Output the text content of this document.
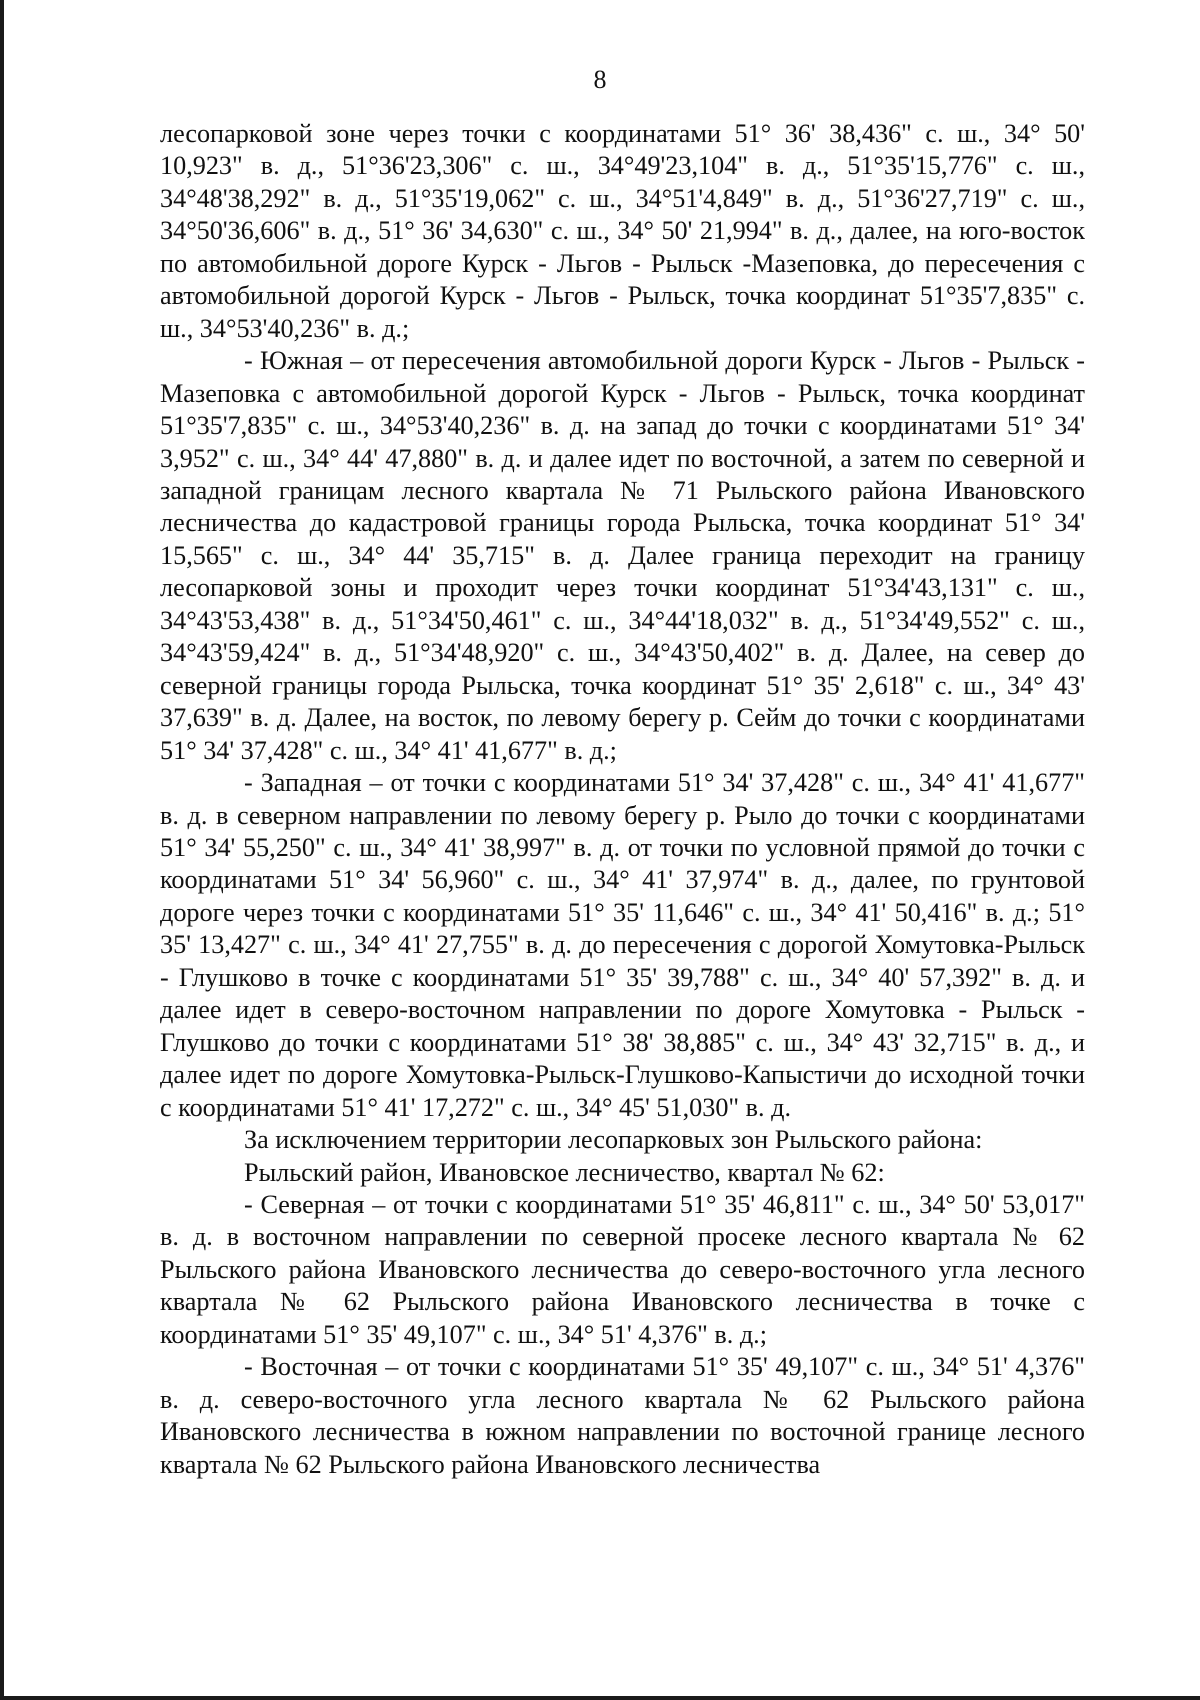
8

лесопарковой зоне через точки с координатами 51° 36' 38,436" с. ш., 34° 50' 10,923" в. д., 51°36'23,306" с. ш., 34°49'23,104" в. д., 51°35'15,776" с. ш., 34°48'38,292" в. д., 51°35'19,062" с. ш., 34°51'4,849" в. д., 51°36'27,719" с. ш., 34°50'36,606" в. д., 51° 36' 34,630" с. ш., 34° 50' 21,994" в. д., далее, на юго-восток по автомобильной дороге Курск - Льгов - Рыльск -Мазеповка, до пересечения с автомобильной дорогой Курск - Льгов - Рыльск, точка координат 51°35'7,835" с. ш., 34°53'40,236" в. д.;

- Южная – от пересечения автомобильной дороги Курск - Льгов - Рыльск - Мазеповка с автомобильной дорогой Курск - Льгов - Рыльск, точка координат 51°35'7,835" с. ш., 34°53'40,236" в. д. на запад до точки с координатами 51° 34' 3,952" с. ш., 34° 44' 47,880" в. д. и далее идет по восточной, а затем по северной и западной границам лесного квартала № 71 Рыльского района Ивановского лесничества до кадастровой границы города Рыльска, точка координат 51° 34' 15,565" с. ш., 34° 44' 35,715" в. д. Далее граница переходит на границу лесопарковой зоны и проходит через точки координат 51°34'43,131" с. ш., 34°43'53,438" в. д., 51°34'50,461" с. ш., 34°44'18,032" в. д., 51°34'49,552" с. ш., 34°43'59,424" в. д., 51°34'48,920" с. ш., 34°43'50,402" в. д. Далее, на север до северной границы города Рыльска, точка координат 51° 35' 2,618" с. ш., 34° 43' 37,639" в. д. Далее, на восток, по левому берегу р. Сейм до точки с координатами 51° 34' 37,428" с. ш., 34° 41' 41,677" в. д.;

- Западная – от точки с координатами 51° 34' 37,428" с. ш., 34° 41' 41,677" в. д. в северном направлении по левому берегу р. Рыло до точки с координатами 51° 34' 55,250" с. ш., 34° 41' 38,997" в. д. от точки по условной прямой до точки с координатами 51° 34' 56,960" с. ш., 34° 41' 37,974" в. д., далее, по грунтовой дороге через точки с координатами 51° 35' 11,646" с. ш., 34° 41' 50,416" в. д.; 51° 35' 13,427" с. ш., 34° 41' 27,755" в. д. до пересечения с дорогой Хомутовка-Рыльск - Глушково в точке с координатами 51° 35' 39,788" с. ш., 34° 40' 57,392" в. д. и далее идет в северо-восточном направлении по дороге Хомутовка - Рыльск - Глушково до точки с координатами 51° 38' 38,885" с. ш., 34° 43' 32,715" в. д., и далее идет по дороге Хомутовка-Рыльск-Глушково-Капыстичи до исходной точки с координатами 51° 41' 17,272" с. ш., 34° 45' 51,030" в. д.

За исключением территории лесопарковых зон Рыльского района:

Рыльский район, Ивановское лесничество, квартал № 62:

- Северная – от точки с координатами 51° 35' 46,811" с. ш., 34° 50' 53,017" в. д. в восточном направлении по северной просеке лесного квартала № 62 Рыльского района Ивановского лесничества до северо-восточного угла лесного квартала № 62 Рыльского района Ивановского лесничества в точке с координатами 51° 35' 49,107" с. ш., 34° 51' 4,376" в. д.;

- Восточная – от точки с координатами 51° 35' 49,107" с. ш., 34° 51' 4,376" в. д. северо-восточного угла лесного квартала № 62 Рыльского района Ивановского лесничества в южном направлении по восточной границе лесного квартала № 62 Рыльского района Ивановского лесничества
